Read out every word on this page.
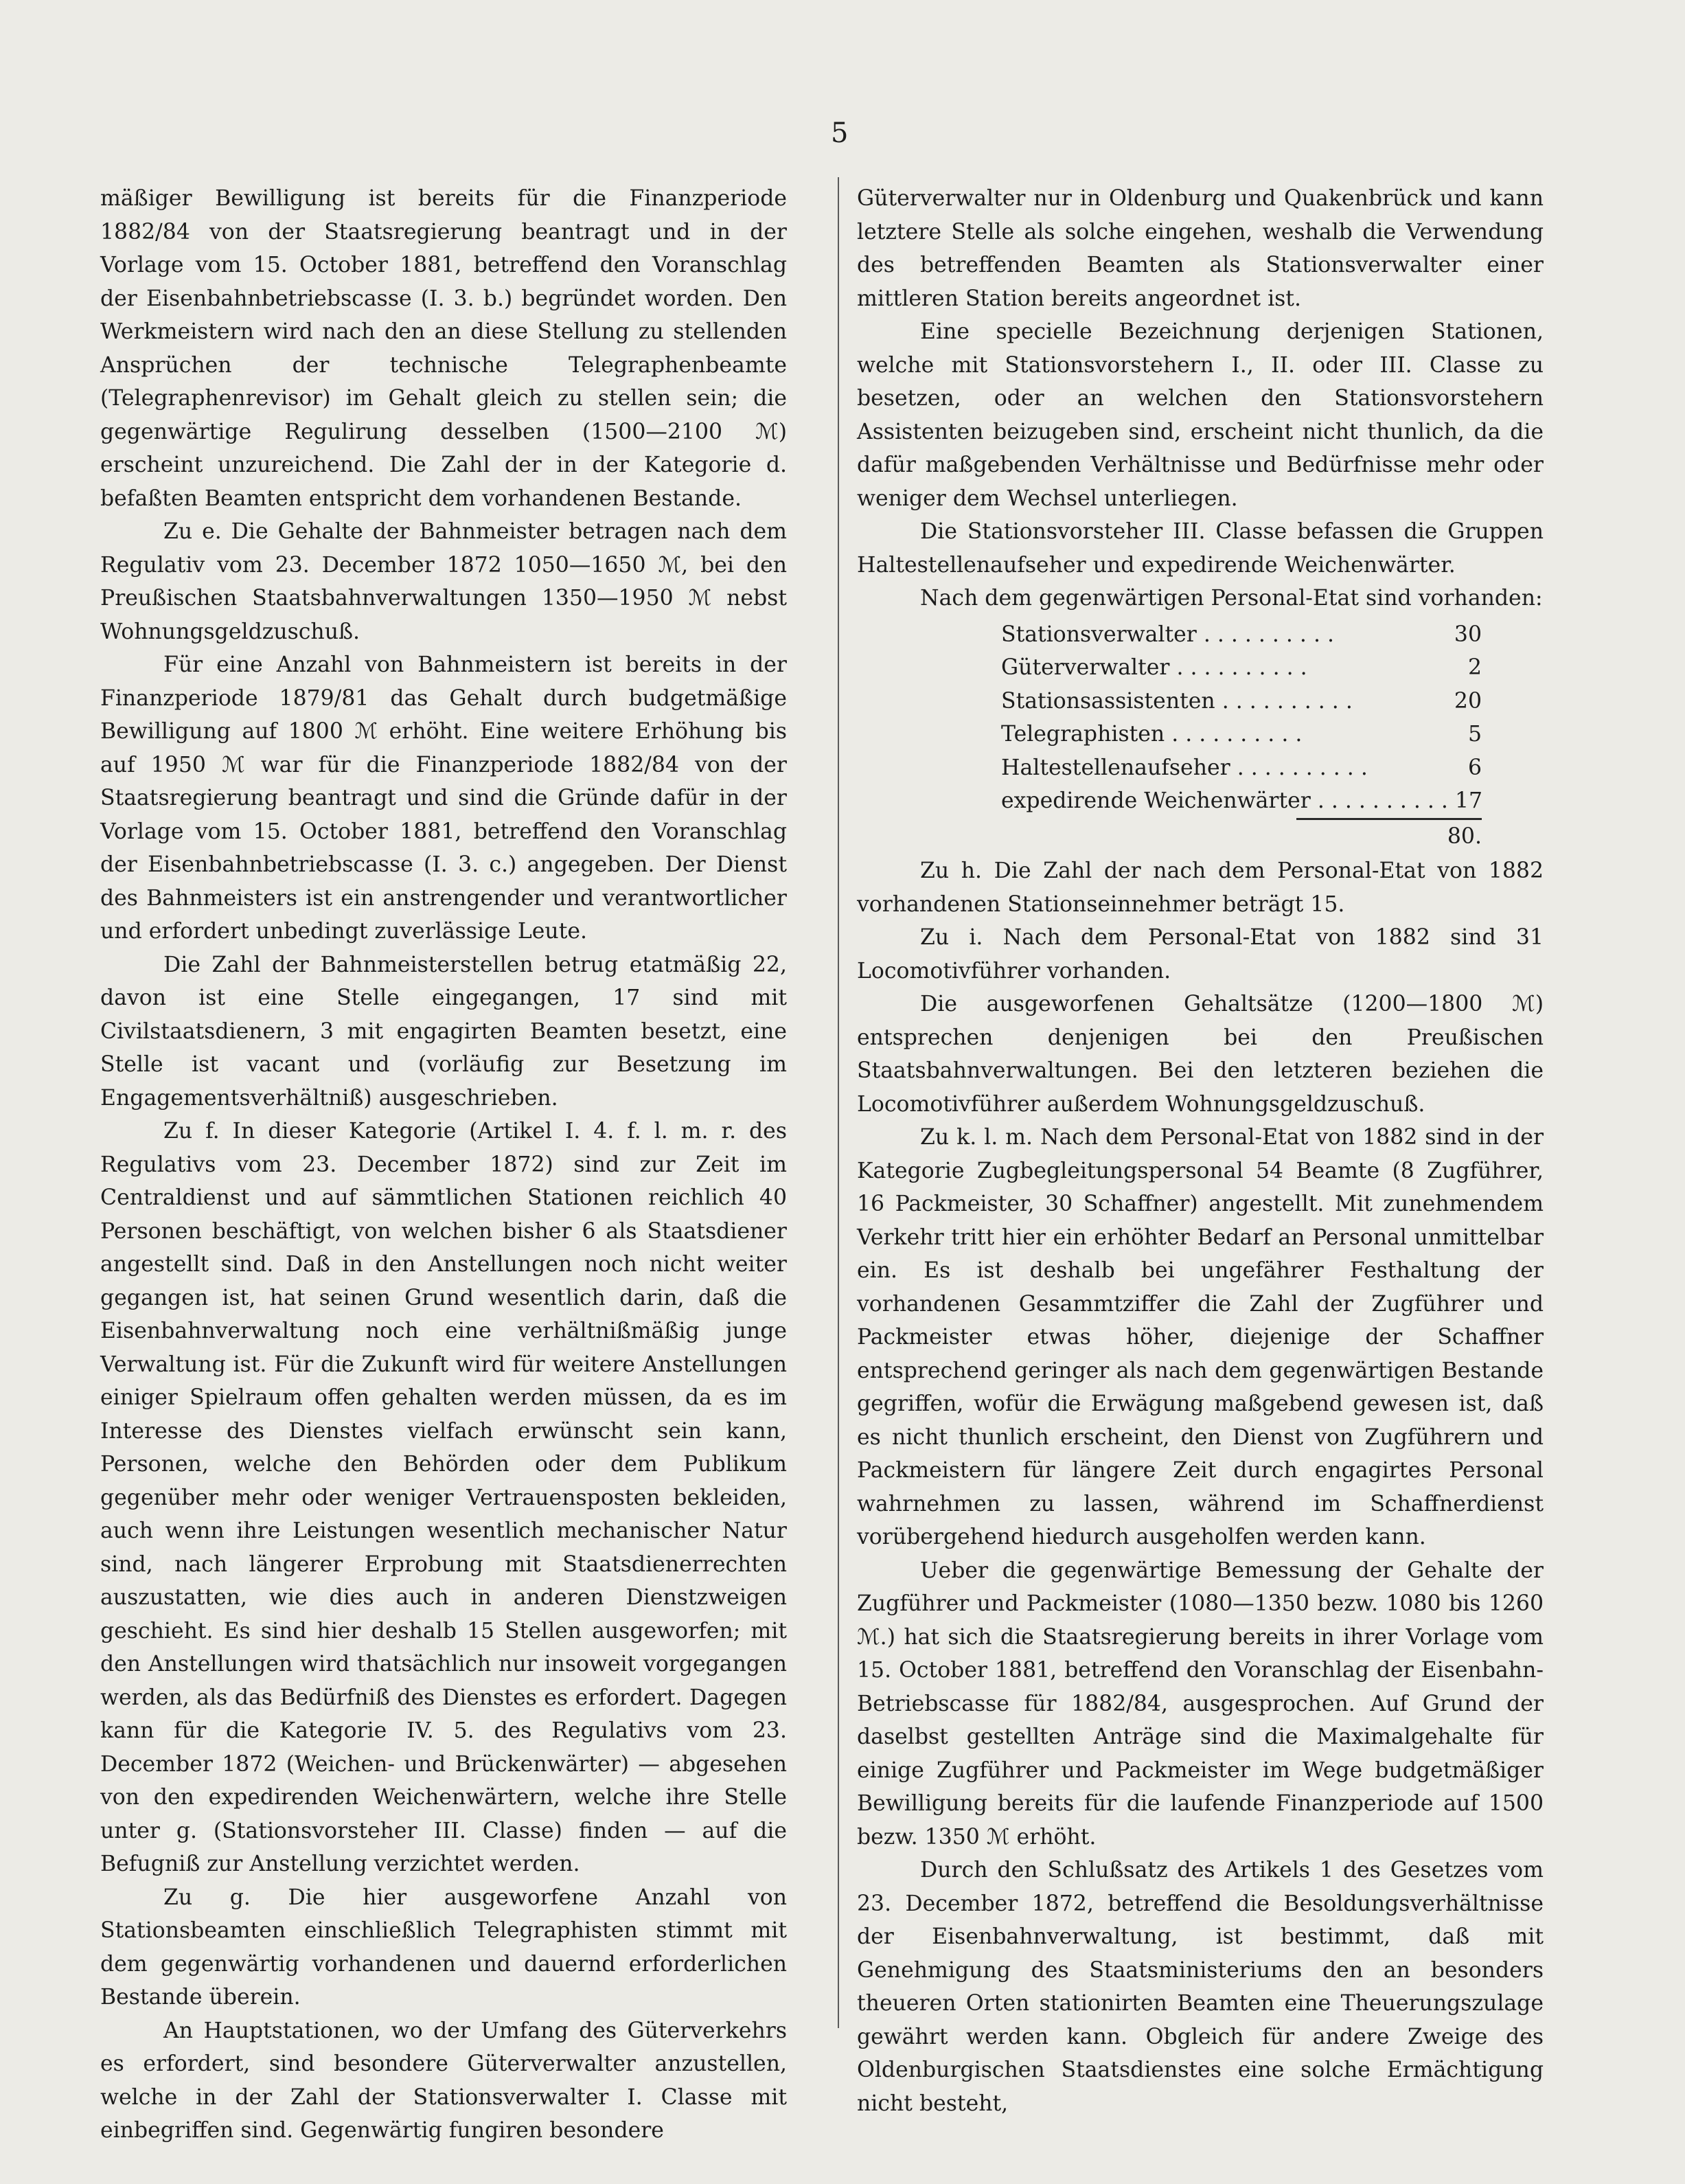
5

mäßiger Bewilligung ist bereits für die Finanzperiode 1882/84 von der Staatsregierung beantragt und in der Vorlage vom 15. October 1881, betreffend den Voranschlag der Eisenbahnbetriebscasse (I. 3. b.) begründet worden. Den Werkmeistern wird nach den an diese Stellung zu stellenden Ansprüchen der technische Telegraphenbeamte (Telegraphenrevisor) im Gehalt gleich zu stellen sein; die gegenwärtige Regulirung desselben (1500—2100 ℳ) erscheint unzureichend. Die Zahl der in der Kategorie d. befaßten Beamten entspricht dem vorhandenen Bestande.

Zu e. Die Gehalte der Bahnmeister betragen nach dem Regulativ vom 23. December 1872 1050—1650 ℳ, bei den Preußischen Staatsbahnverwaltungen 1350—1950 ℳ nebst Wohnungsgeldzuschuß.

Für eine Anzahl von Bahnmeistern ist bereits in der Finanzperiode 1879/81 das Gehalt durch budgetmäßige Bewilligung auf 1800 ℳ erhöht. Eine weitere Erhöhung bis auf 1950 ℳ war für die Finanzperiode 1882/84 von der Staatsregierung beantragt und sind die Gründe dafür in der Vorlage vom 15. October 1881, betreffend den Voranschlag der Eisenbahnbetriebscasse (I. 3. c.) angegeben. Der Dienst des Bahnmeisters ist ein anstrengender und verantwortlicher und erfordert unbedingt zuverlässige Leute.

Die Zahl der Bahnmeisterstellen betrug etatmäßig 22, davon ist eine Stelle eingegangen, 17 sind mit Civilstaatsdienern, 3 mit engagirten Beamten besetzt, eine Stelle ist vacant und (vorläufig zur Besetzung im Engagementsverhältniß) ausgeschrieben.

Zu f. In dieser Kategorie (Artikel I. 4. f. l. m. r. des Regulativs vom 23. December 1872) sind zur Zeit im Centraldienst und auf sämmtlichen Stationen reichlich 40 Personen beschäftigt, von welchen bisher 6 als Staatsdiener angestellt sind. Daß in den Anstellungen noch nicht weiter gegangen ist, hat seinen Grund wesentlich darin, daß die Eisenbahnverwaltung noch eine verhältnißmäßig junge Verwaltung ist. Für die Zukunft wird für weitere Anstellungen einiger Spielraum offen gehalten werden müssen, da es im Interesse des Dienstes vielfach erwünscht sein kann, Personen, welche den Behörden oder dem Publikum gegenüber mehr oder weniger Vertrauensposten bekleiden, auch wenn ihre Leistungen wesentlich mechanischer Natur sind, nach längerer Erprobung mit Staatsdienerrechten auszustatten, wie dies auch in anderen Dienstzweigen geschieht. Es sind hier deshalb 15 Stellen ausgeworfen; mit den Anstellungen wird thatsächlich nur insoweit vorgegangen werden, als das Bedürfniß des Dienstes es erfordert. Dagegen kann für die Kategorie IV. 5. des Regulativs vom 23. December 1872 (Weichen- und Brückenwärter) — abgesehen von den expedirenden Weichenwärtern, welche ihre Stelle unter g. (Stationsvorsteher III. Classe) finden — auf die Befugniß zur Anstellung verzichtet werden.

Zu g. Die hier ausgeworfene Anzahl von Stationsbeamten einschließlich Telegraphisten stimmt mit dem gegenwärtig vorhandenen und dauernd erforderlichen Bestande überein.

An Hauptstationen, wo der Umfang des Güterverkehrs es erfordert, sind besondere Güterverwalter anzustellen, welche in der Zahl der Stationsverwalter I. Classe mit einbegriffen sind. Gegenwärtig fungiren besondere

Güterverwalter nur in Oldenburg und Quakenbrück und kann letztere Stelle als solche eingehen, weshalb die Verwendung des betreffenden Beamten als Stationsverwalter einer mittleren Station bereits angeordnet ist.

Eine specielle Bezeichnung derjenigen Stationen, welche mit Stationsvorstehern I., II. oder III. Classe zu besetzen, oder an welchen den Stationsvorstehern Assistenten beizugeben sind, erscheint nicht thunlich, da die dafür maßgebenden Verhältnisse und Bedürfnisse mehr oder weniger dem Wechsel unterliegen.

Die Stationsvorsteher III. Classe befassen die Gruppen Haltestellenaufseher und expedirende Weichenwärter.

Nach dem gegenwärtigen Personal-Etat sind vorhanden:

Stationsverwalter ..........	30
Güterverwalter ..........	2
Stationsassistenten ..........	20
Telegraphisten ..........	5
Haltestellenaufseher ..........	6
expedirende Weichenwärter .......... 17
80.

Zu h. Die Zahl der nach dem Personal-Etat von 1882 vorhandenen Stationseinnehmer beträgt 15.

Zu i. Nach dem Personal-Etat von 1882 sind 31 Locomotivführer vorhanden.

Die ausgeworfenen Gehaltsätze (1200—1800 ℳ) entsprechen denjenigen bei den Preußischen Staatsbahnverwaltungen. Bei den letzteren beziehen die Locomotivführer außerdem Wohnungsgeldzuschuß.

Zu k. l. m. Nach dem Personal-Etat von 1882 sind in der Kategorie Zugbegleitungspersonal 54 Beamte (8 Zugführer, 16 Packmeister, 30 Schaffner) angestellt. Mit zunehmendem Verkehr tritt hier ein erhöhter Bedarf an Personal unmittelbar ein. Es ist deshalb bei ungefährer Festhaltung der vorhandenen Gesammtziffer die Zahl der Zugführer und Packmeister etwas höher, diejenige der Schaffner entsprechend geringer als nach dem gegenwärtigen Bestande gegriffen, wofür die Erwägung maßgebend gewesen ist, daß es nicht thunlich erscheint, den Dienst von Zugführern und Packmeistern für längere Zeit durch engagirtes Personal wahrnehmen zu lassen, während im Schaffnerdienst vorübergehend hiedurch ausgeholfen werden kann.

Ueber die gegenwärtige Bemessung der Gehalte der Zugführer und Packmeister (1080—1350 bezw. 1080 bis 1260 ℳ.) hat sich die Staatsregierung bereits in ihrer Vorlage vom 15. October 1881, betreffend den Voranschlag der Eisenbahn-Betriebscasse für 1882/84, ausgesprochen. Auf Grund der daselbst gestellten Anträge sind die Maximalgehalte für einige Zugführer und Packmeister im Wege budgetmäßiger Bewilligung bereits für die laufende Finanzperiode auf 1500 bezw. 1350 ℳ erhöht.

Durch den Schlußsatz des Artikels 1 des Gesetzes vom 23. December 1872, betreffend die Besoldungsverhältnisse der Eisenbahnverwaltung, ist bestimmt, daß mit Genehmigung des Staatsministeriums den an besonders theueren Orten stationirten Beamten eine Theuerungszulage gewährt werden kann. Obgleich für andere Zweige des Oldenburgischen Staatsdienstes eine solche Ermächtigung nicht besteht,
